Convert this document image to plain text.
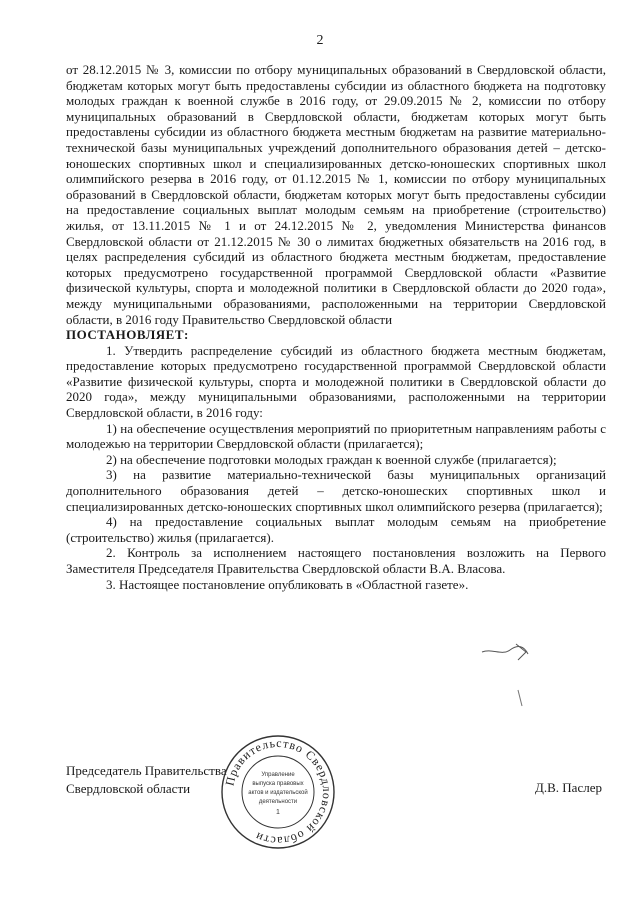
2

от 28.12.2015 № 3, комиссии по отбору муниципальных образований в Свердловской области, бюджетам которых могут быть предоставлены субсидии из областного бюджета на подготовку молодых граждан к военной службе в 2016 году, от 29.09.2015 № 2, комиссии по отбору муниципальных образований в Свердловской области, бюджетам которых могут быть предоставлены субсидии из областного бюджета местным бюджетам на развитие материально-технической базы муниципальных учреждений дополнительного образования детей – детско-юношеских спортивных школ и специализированных детско-юношеских спортивных школ олимпийского резерва в 2016 году, от 01.12.2015 № 1, комиссии по отбору муниципальных образований в Свердловской области, бюджетам которых могут быть предоставлены субсидии на предоставление социальных выплат молодым семьям на приобретение (строительство) жилья, от 13.11.2015 № 1 и от 24.12.2015 № 2, уведомления Министерства финансов Свердловской области от 21.12.2015 № 30 о лимитах бюджетных обязательств на 2016 год, в целях распределения субсидий из областного бюджета местным бюджетам, предоставление которых предусмотрено государственной программой Свердловской области «Развитие физической культуры, спорта и молодежной политики в Свердловской области до 2020 года», между муниципальными образованиями, расположенными на территории Свердловской области, в 2016 году Правительство Свердловской области

ПОСТАНОВЛЯЕТ:

1. Утвердить распределение субсидий из областного бюджета местным бюджетам, предоставление которых предусмотрено государственной программой Свердловской области «Развитие физической культуры, спорта и молодежной политики в Свердловской области до 2020 года», между муниципальными образованиями, расположенными на территории Свердловской области, в 2016 году:

1) на обеспечение осуществления мероприятий по приоритетным направлениям работы с молодежью на территории Свердловской области (прилагается);

2) на обеспечение подготовки молодых граждан к военной службе (прилагается);

3) на развитие материально-технической базы муниципальных организаций дополнительного образования детей – детско-юношеских спортивных школ и специализированных детско-юношеских спортивных школ олимпийского резерва (прилагается);

4) на предоставление социальных выплат молодым семьям на приобретение (строительство) жилья (прилагается).

2. Контроль за исполнением настоящего постановления возложить на Первого Заместителя Председателя Правительства Свердловской области В.А. Власова.

3. Настоящее постановление опубликовать в «Областной газете».

Председатель Правительства
Свердловской области	Д.В. Паслер
Правительство Свердловской области
Управление
выпуска правовых
актов и издательской
деятельности
1
